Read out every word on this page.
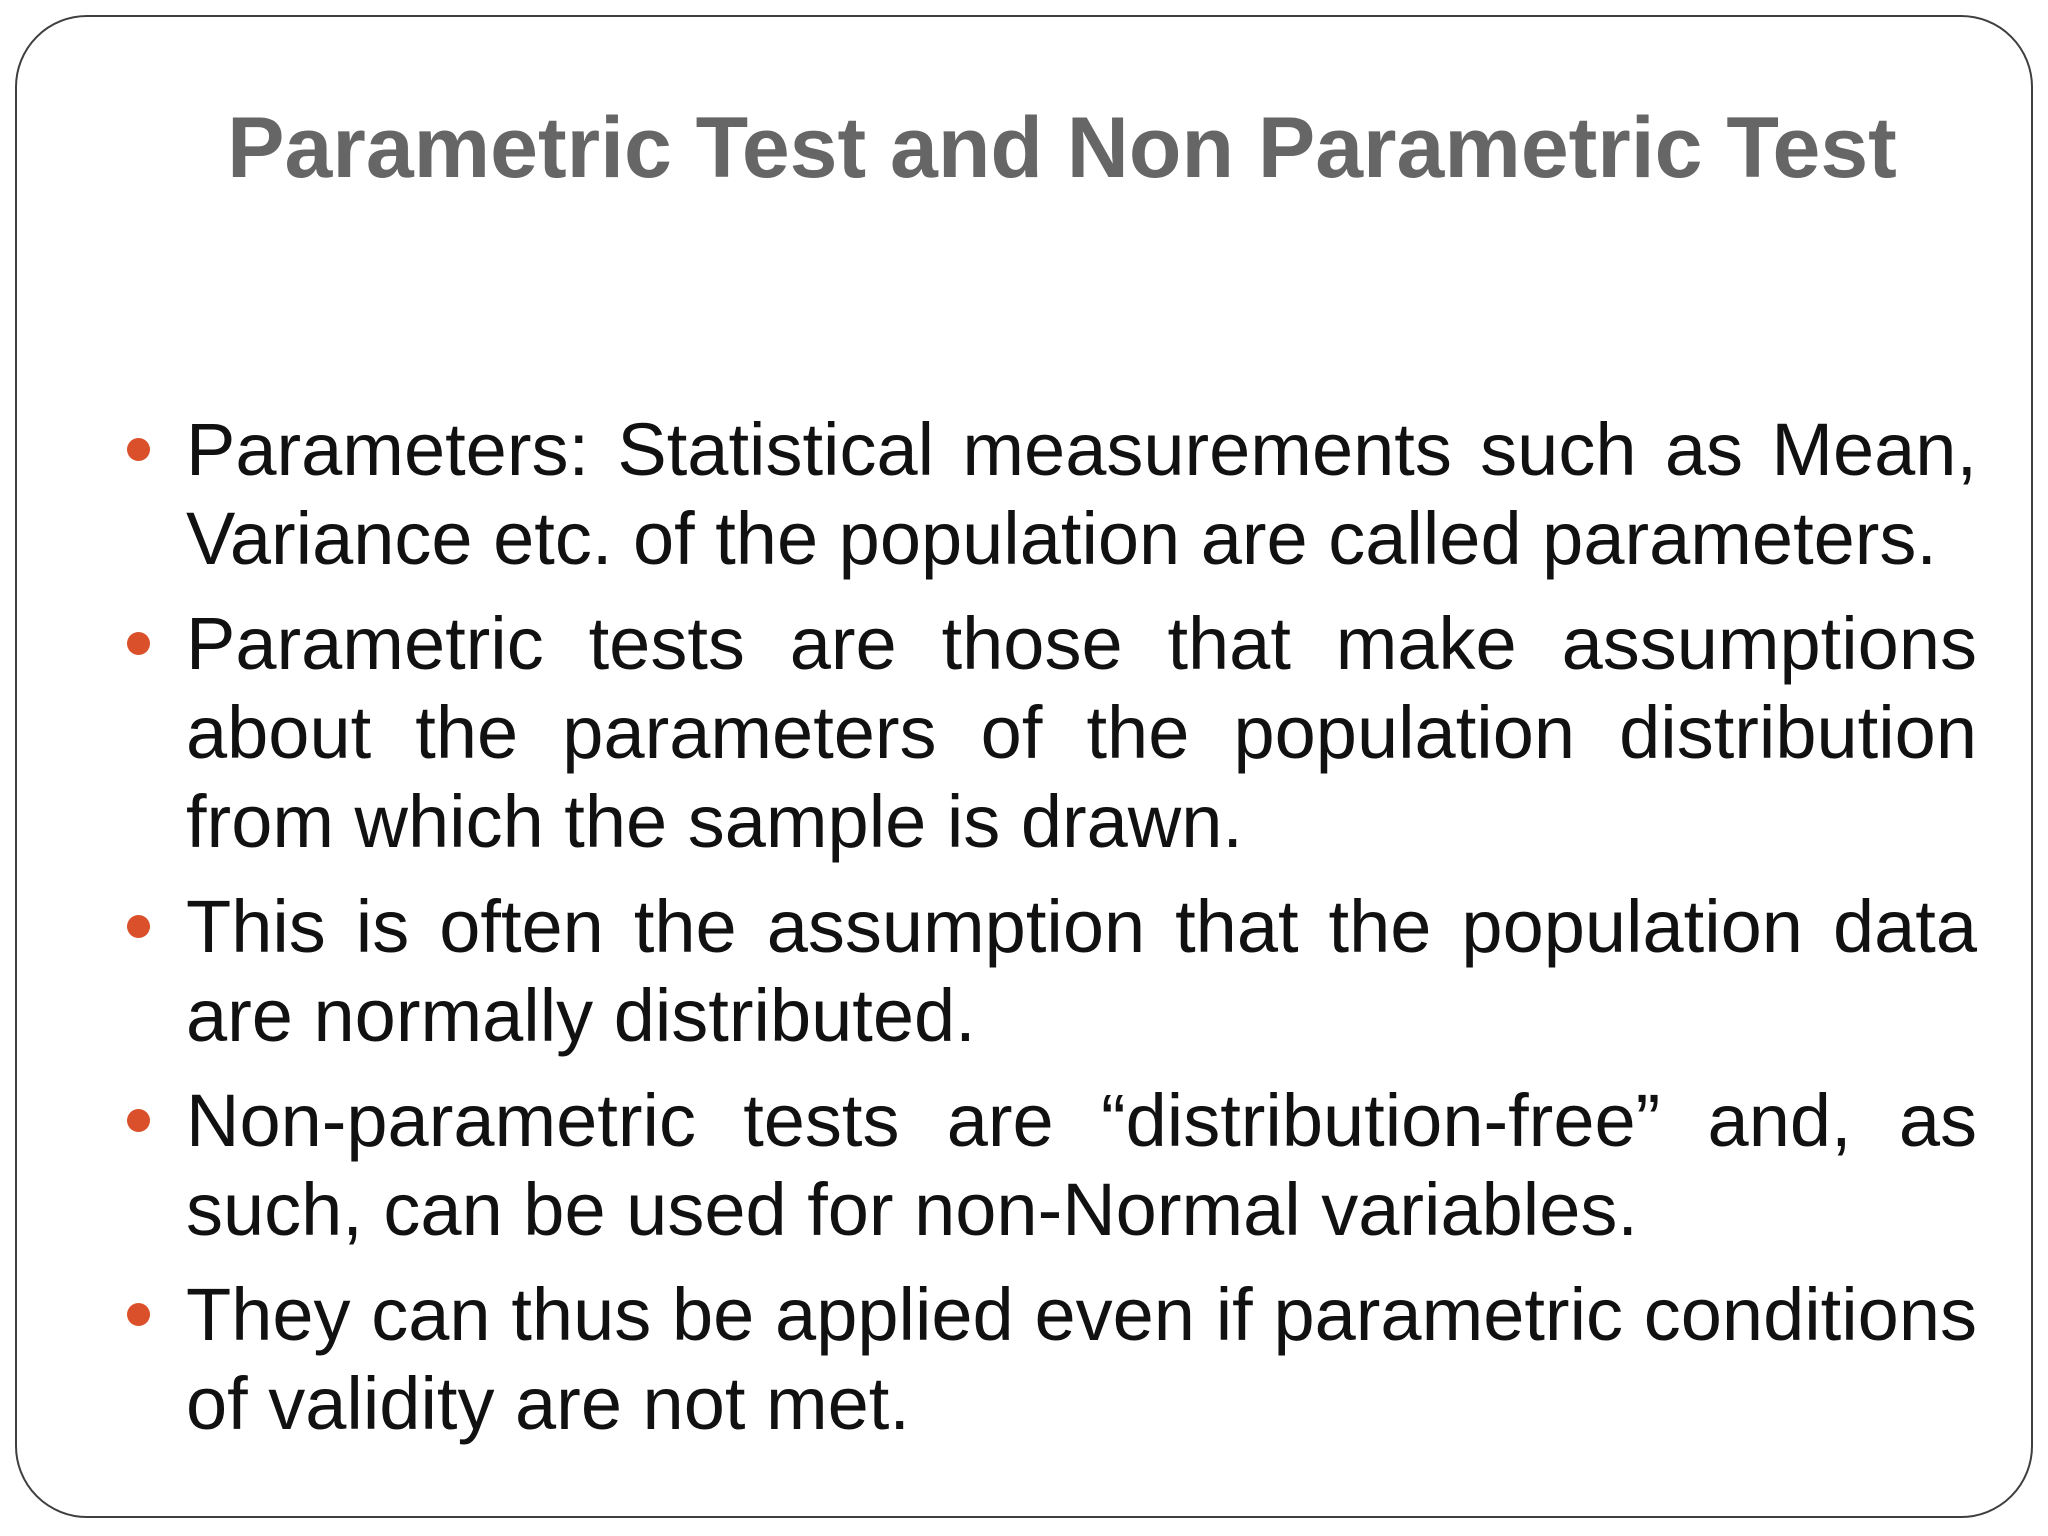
Parametric Test and Non Parametric Test
Parameters: Statistical measurements such as Mean, Variance etc. of the population are called parameters.
Parametric tests are those that make assumptions about the parameters of the population distribution from which the sample is drawn.
This is often the assumption that the population data are normally distributed.
Non-parametric tests are “distribution-free” and, as such, can be used for non-Normal variables.
They can thus be applied even if parametric conditions of validity are not met.
